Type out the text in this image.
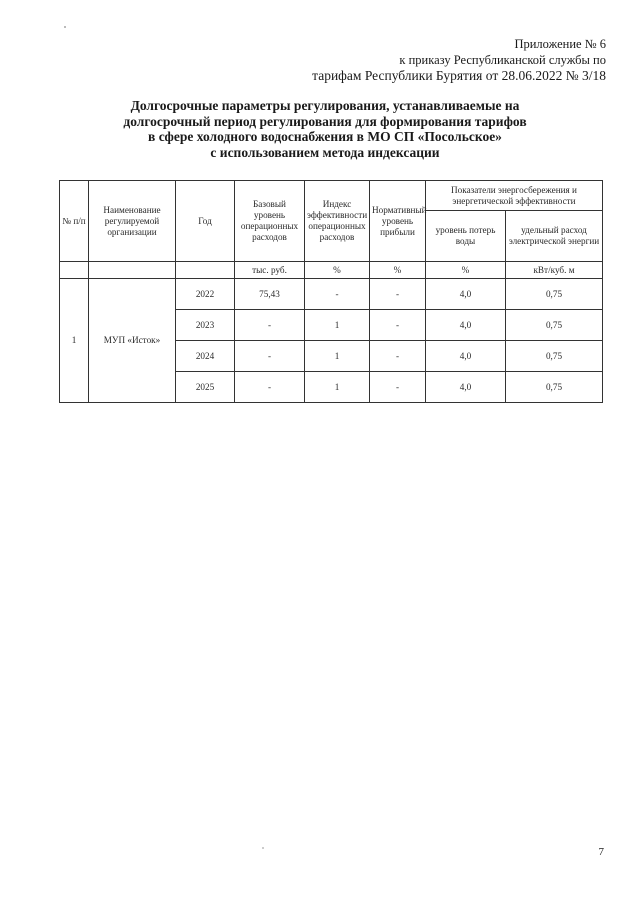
Приложение № 6
к приказу Республиканской службы по
тарифам Республики Бурятия от 28.06.2022 № 3/18
Долгосрочные параметры регулирования, устанавливаемые на
долгосрочный период регулирования для формирования тарифов
в сфере холодного водоснабжения в МО СП «Посольское»
с использованием метода индексации
№ п/п	Наименование регулируемой организации	Год	Базовый уровень операционных расходов	Индекс эффективности операционных расходов	Нормативный уровень прибыли	Показатели энергосбережения и энергетической эффективности	
						уровень потерь воды	удельный расход электрической энергии
			тыс. руб.	%	%	%	кВт/куб. м
1	МУП «Исток»	2022	75,43	-	-	4,0	0,75
		2023	-	1	-	4,0	0,75
		2024	-	1	-	4,0	0,75
		2025	-	1	-	4,0	0,75
7
